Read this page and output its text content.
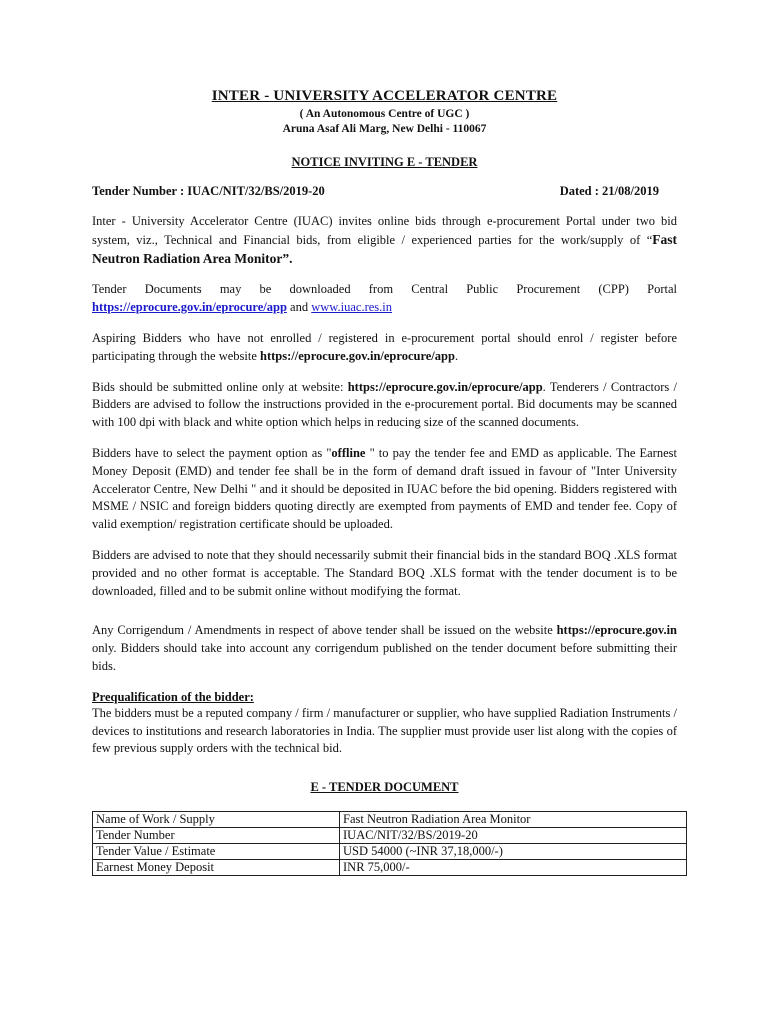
INTER - UNIVERSITY ACCELERATOR CENTRE
( An Autonomous Centre of UGC )
Aruna Asaf Ali Marg, New Delhi - 110067
NOTICE INVITING E - TENDER
Tender Number : IUAC/NIT/32/BS/2019-20	Dated : 21/08/2019

Inter - University Accelerator Centre (IUAC) invites online bids through e-procurement Portal under two bid system, viz., Technical and Financial bids, from eligible / experienced parties for the work/supply of “Fast Neutron Radiation Area Monitor”.

Tender Documents may be downloaded from Central Public Procurement (CPP) Portal https://eprocure.gov.in/eprocure/app and www.iuac.res.in

Aspiring Bidders who have not enrolled / registered in e-procurement portal should enrol / register before participating through the website https://eprocure.gov.in/eprocure/app.

Bids should be submitted online only at website: https://eprocure.gov.in/eprocure/app. Tenderers / Contractors / Bidders are advised to follow the instructions provided in the e-procurement portal. Bid documents may be scanned with 100 dpi with black and white option which helps in reducing size of the scanned documents.

Bidders have to select the payment option as "offline " to pay the tender fee and EMD as applicable. The Earnest Money Deposit (EMD) and tender fee shall be in the form of demand draft issued in favour of "Inter University Accelerator Centre, New Delhi " and it should be deposited in IUAC before the bid opening. Bidders registered with MSME / NSIC and foreign bidders quoting directly are exempted from payments of EMD and tender fee. Copy of valid exemption/ registration certificate should be uploaded.

Bidders are advised to note that they should necessarily submit their financial bids in the standard BOQ .XLS format provided and no other format is acceptable. The Standard BOQ .XLS format with the tender document is to be downloaded, filled and to be submit online without modifying the format.

Any Corrigendum / Amendments in respect of above tender shall be issued on the website https://eprocure.gov.in only. Bidders should take into account any corrigendum published on the tender document before submitting their bids.

Prequalification of the bidder:

The bidders must be a reputed company / firm / manufacturer or supplier, who have supplied Radiation Instruments / devices to institutions and research laboratories in India. The supplier must provide user list along with the copies of few previous supply orders with the technical bid.

E - TENDER DOCUMENT
Name of Work / Supply	Fast Neutron Radiation Area Monitor
Tender Number	IUAC/NIT/32/BS/2019-20
Tender Value / Estimate	USD 54000 (~INR 37,18,000/-)
Earnest Money Deposit	INR 75,000/-
